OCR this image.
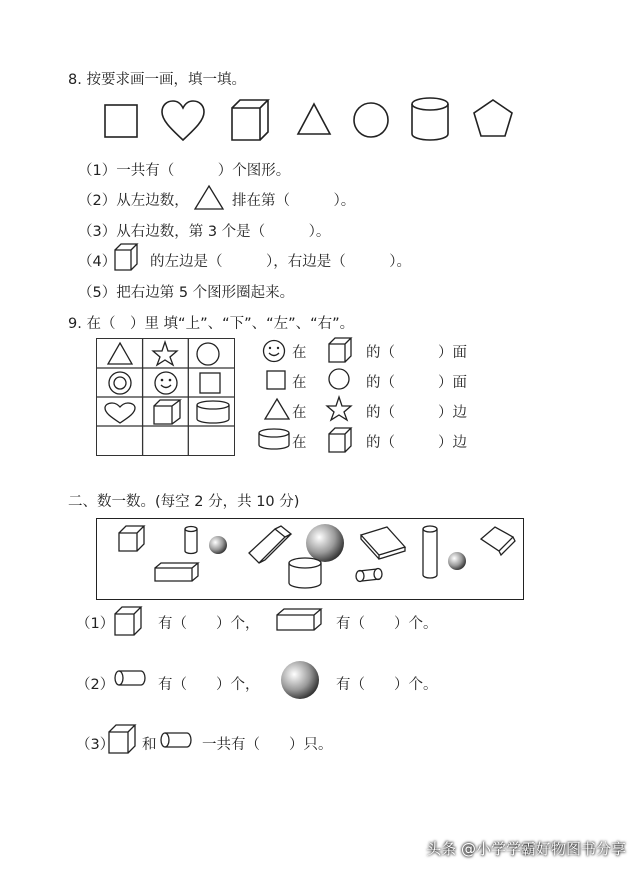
8. 按要求画一画，填一填。
（1）一共有（　　　）个图形。
（2）从左边数，	排在第（　　　）。
（3）从右边数，第 3 个是（　　　）。
（4） 的左边是（　　　），右边是（　　　）。
（5）把右边第 5 个图形圈起来。
9. 在（　）里 填“上”、“下”、“左”、“右”。
在	的（	）面
在	的（	）面
在	的（	）边
在	的（	）边
二、数一数。(每空 2 分，共 10 分)
（1）	有（　　）个，	有（　　）个。
（2）	有（　　）个，	有（　　）个。
（3） 和	一共有（　　）只。
头条 @小学学霸好物图书分享
